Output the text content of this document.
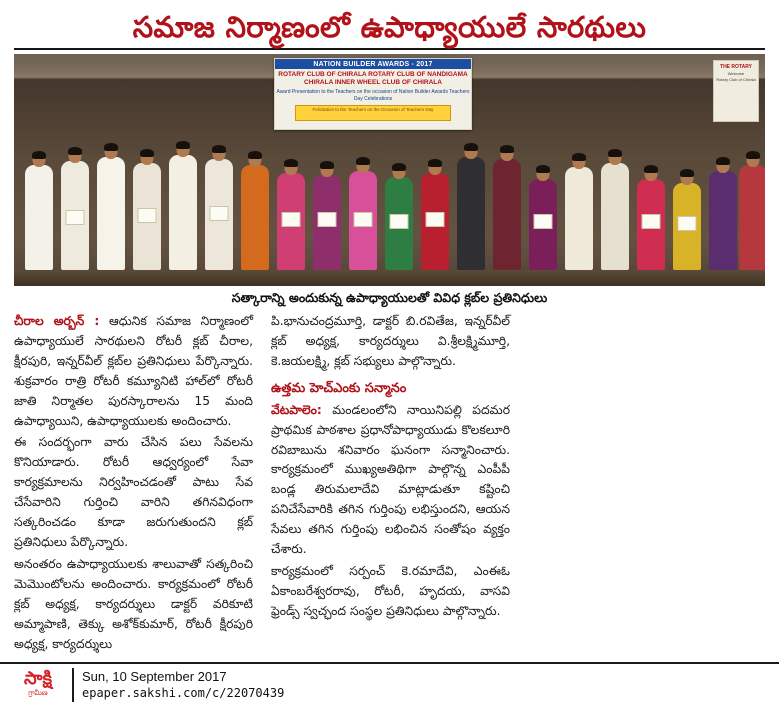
సమాజ నిర్మాణంలో ఉపాధ్యాయులే సారథులు
NATION BUILDER AWARDS - 2017
ROTARY CLUB OF CHIRALA ROTARY CLUB OF NANDIGAMA CHIRALA INNER WHEEL CLUB OF CHIRALA
Award Presentation to the Teachers on the occasion of Nation Builder Awards Teachers Day Celebrations
Felicitation to the Teachers on the Occasion of Teachers Day
THE ROTARY
Welcome
Rotary Club of Chirala
సత్కారాన్ని అందుకున్న ఉపాధ్యాయులతో వివిధ క్లబ్‌ల ప్రతినిధులు

చీరాల అర్బన్ : ఆధునిక సమాజ నిర్మాణంలో ఉపాధ్యాయులే సారథులని రోటరీ క్లబ్ చీరాల, క్షీరపురి, ఇన్నర్‌వీల్ క్లబ్‌ల ప్రతినిధులు పేర్కొన్నారు. శుక్రవారం రాత్రి రోటరీ కమ్యూనిటి హాల్‌లో రోటరీ జాతి నిర్మాతల పురస్కారాలను 15 మంది ఉపాధ్యాయిని, ఉపాధ్యాయులకు అందించారు.

ఈ సందర్భంగా వారు చేసిన పలు సేవలను కొనియాడారు. రోటరీ ఆధ్వర్యంలో సేవా కార్యక్రమాలను నిర్వహించడంతో పాటు సేవ చేసేవారిని గుర్తించి వారిని తగినవిధంగా సత్కరించడం కూడా జరుగుతుందని క్లబ్ ప్రతినిధులు పేర్కొన్నారు.

అనంతరం ఉపాధ్యాయులకు శాలువాతో సత్కరించి మెమొంటోలను అందించారు. కార్యక్రమంలో రోటరీ క్లబ్ అధ్యక్ష, కార్యదర్శులు డాక్టర్ వరికూటి అమ్మాపాణి, తెక్కు అశోక్‌కుమార్, రోటరీ క్షీరపురి అధ్యక్ష, కార్యదర్శులు

పి.భానుచంద్రమూర్తి, డాక్టర్ బి.రవితేజ, ఇన్నర్‌వీల్ క్లబ్ అధ్యక్ష, కార్యదర్శులు వి.శ్రీలక్ష్మిమూర్తి, కె.జయలక్ష్మి, క్లబ్ సభ్యులు పాల్గొన్నారు.

ఉత్తమ హెచ్‌ఎంకు సన్మానం

వేటపాలెం: మండలంలోని నాయినిపల్లి పదమర ప్రాథమిక పాఠశాల ప్రధానోపాధ్యాయుడు కొలకలూరి రవిబాబును శనివారం ఘనంగా సన్మానించారు. కార్యక్రమంలో ముఖ్యఅతిథిగా పాల్గొన్న ఎంపీపీ బండ్ల తిరుమలాదేవి మాట్లాడుతూ కష్టించి పనిచేసేవారికి తగిన గుర్తింపు లభిస్తుందని, ఆయన సేవలు తగిన గుర్తింపు లభించిన సంతోషం వ్యక్తం చేశారు.

కార్యక్రమంలో సర్పంచ్ కె.రమాదేవి, ఎంఈఓ ఏకాంబరేశ్వరరావు, రోటరీ, హృదయ, వాసవి ఫ్రెండ్స్ స్వచ్ఛంద సంస్థల ప్రతినిధులు పాల్గొన్నారు.

సాక్షి
గ్రామీణ
Sun, 10 September 2017
epaper.sakshi.com/c/22070439
